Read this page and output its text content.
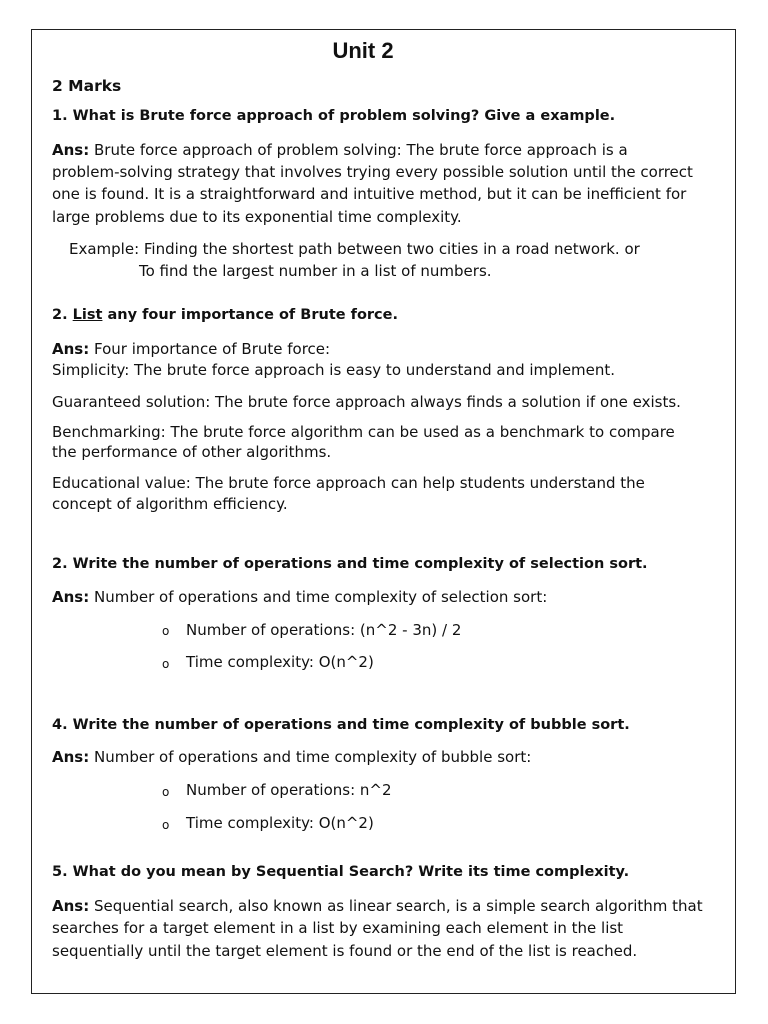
Unit 2
2 Marks
1. What is Brute force approach of problem solving? Give a example.
Ans: Brute force approach of problem solving: The brute force approach is a
problem-solving strategy that involves trying every possible solution until the correct
one is found. It is a straightforward and intuitive method, but it can be inefficient for
large problems due to its exponential time complexity.
Example: Finding the shortest path between two cities in a road network. or
To find the largest number in a list of numbers.
2. List any four importance of Brute force.
Ans: Four importance of Brute force:
Simplicity: The brute force approach is easy to understand and implement.
Guaranteed solution: The brute force approach always finds a solution if one exists.
Benchmarking: The brute force algorithm can be used as a benchmark to compare
the performance of other algorithms.
Educational value: The brute force approach can help students understand the
concept of algorithm efficiency.
2. Write the number of operations and time complexity of selection sort.
Ans: Number of operations and time complexity of selection sort:
o Number of operations: (n^2 - 3n) / 2
o Time complexity: O(n^2)
4. Write the number of operations and time complexity of bubble sort.
Ans: Number of operations and time complexity of bubble sort:
o Number of operations: n^2
o Time complexity: O(n^2)
5. What do you mean by Sequential Search? Write its time complexity.
Ans: Sequential search, also known as linear search, is a simple search algorithm that
searches for a target element in a list by examining each element in the list
sequentially until the target element is found or the end of the list is reached.
